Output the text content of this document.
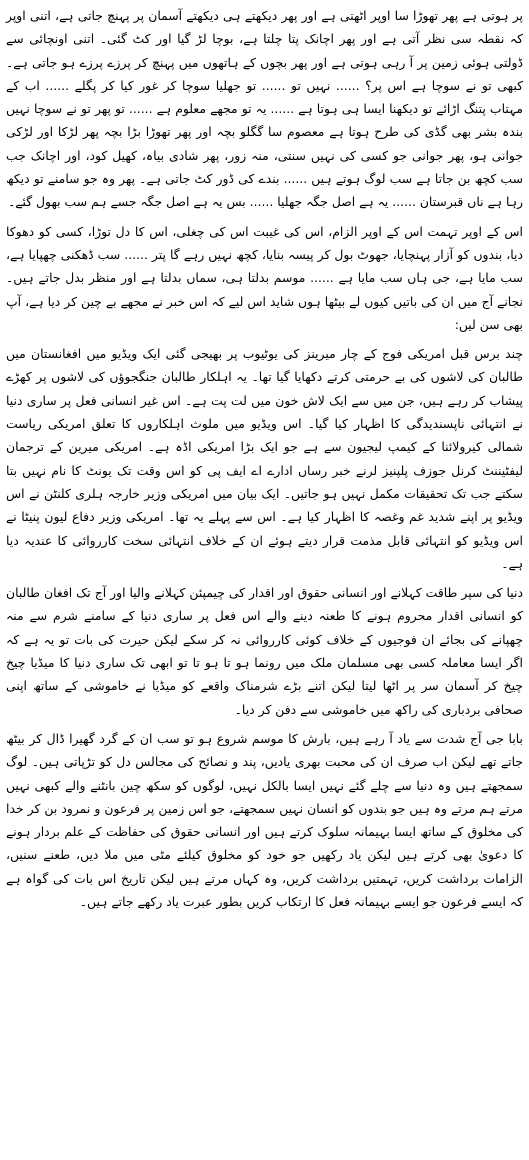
پر ہوتی ہے پھر تھوڑا سا اوپر اٹھتی ہے اور پھر دیکھتے ہی دیکھتے آسمان پر پہنچ جاتی ہے، اتنی اوپر کہ نقطہ سی نظر آتی ہے اور پھر اچانک پتا چلتا ہے، بوچا لڑ گیا اور کٹ گئی۔ اتنی اونچائی سے ڈولتی ہوئی زمین پر آ رہی ہوتی ہے اور پھر بچوں کے ہاتھوں میں پہنچ کر پرزے پرزے ہو جاتی ہے۔ کبھی تو نے سوچا ہے اس پر؟ ...... نہیں تو ...... تو جھلیا سوچا کر غور کیا کر پگلے ...... اب کے مہتاب پتنگ اڑائے تو دیکھنا ایسا ہی ہوتا ہے ...... یہ تو مجھے معلوم ہے ...... تو پھر تو نے سوچا نہیں بندہ بشر بھی گڈی کی طرح ہوتا ہے معصوم سا گگلو بچہ اور پھر تھوڑا بڑا بچہ پھر لڑکا اور لڑکی جوانی ہو، پھر جوانی جو کسی کی نہیں سنتی، منہ زور، پھر شادی بیاہ، کھیل کود، اور اچانک جب سب کچھ بن جاتا ہے سب لوگ ہوتے ہیں ...... بندے کی ڈور کٹ جاتی ہے۔ پھر وہ جو سامنے تو دیکھ رہا ہے ناں قبرستان ...... یہ ہے اصل جگہ جھلیا ...... بس یہ ہے اصل جگہ جسے ہم سب بھول گئے۔

اس کے اوپر تہمت اس کے اوپر الزام، اس کی غیبت اس کی چغلی، اس کا دل توڑا، کسی کو دھوکا دیا، بندوں کو آزار پہنچایا، جھوٹ بول کر پیسہ بنایا، کچھ نہیں رہے گا پتر ...... سب ڈھکنی چھپایا ہے، سب مایا ہے، جی ہاں سب مایا ہے ...... موسم بدلتا ہی، سماں بدلتا ہے اور منظر بدل جاتے ہیں۔ نجانے آج میں ان کی باتیں کیوں لے بیٹھا ہوں شاید اس لیے کہ اس خبر نے مجھے بے چین کر دیا ہے، آپ بھی سن لیں:

چند برس قبل امریکی فوج کے چار میرینز کی یوٹیوب پر بھیجی گئی ایک ویڈیو میں افغانستان میں طالبان کی لاشوں کی بے حرمتی کرتے دکھایا گیا تھا۔ یہ اہلکار طالبان جنگجوؤں کی لاشوں پر کھڑے پیشاب کر رہے ہیں، جن میں سے ایک لاش خون میں لت پت ہے۔ اس غیر انسانی فعل پر ساری دنیا نے انتہائی ناپسندیدگی کا اظہار کیا گیا۔ اس ویڈیو میں ملوث اہلکاروں کا تعلق امریکی ریاست شمالی کیرولائنا کے کیمپ لیجیون سے ہے جو ایک بڑا امریکی اڈہ ہے۔ امریکی میرین کے ترجمان لیفٹیننٹ کرنل جوزف پلپنیز لرنے خبر رساں ادارے اے ایف پی کو اس وقت تک یونٹ کا نام نہیں بتا سکتے جب تک تحقیقات مکمل نہیں ہو جاتیں۔ ایک بیان میں امریکی وزیر خارجہ ہلری کلنٹن نے اس ویڈیو پر اپنے شدید غم وغصہ کا اظہار کیا ہے۔ اس سے پہلے یہ تھا۔ امریکی وزیر دفاع لیون پنیٹا نے اس ویڈیو کو انتہائی قابل مذمت قرار دیتے ہوئے ان کے خلاف انتہائی سخت کارروائی کا عندیہ دیا ہے۔

دنیا کی سپر طاقت کہلانے اور انسانی حقوق اور اقدار کی چیمپئن کہلانے والیا اور آج تک افغان طالبان کو انسانی اقدار محروم ہونے کا طعنہ دینے والے اس فعل پر ساری دنیا کے سامنے شرم سے منہ چھپانے کی بجائے ان فوجیوں کے خلاف کوئی کارروائی نہ کر سکے لیکن حیرت کی بات تو یہ ہے کہ اگر ایسا معاملہ کسی بھی مسلمان ملک میں رونما ہو تا ہو تا تو ابھی تک ساری دنیا کا میڈیا چیخ چیخ کر آسمان سر پر اٹھا لیتا لیکن اتنے بڑے شرمناک واقعے کو میڈیا نے خاموشی کے ساتھ اپنی صحافی بردباری کی راکھ میں خاموشی سے دفن کر دیا۔

بابا جی آج شدت سے یاد آ رہے ہیں، بارش کا موسم شروع ہو تو سب ان کے گرد گھیرا ڈال کر بیٹھ جاتے تھے لیکن اب صرف ان کی محبت بھری یادیں، پند و نصائح کی مجالس دل کو تڑپاتی ہیں۔ لوگ سمجھتے ہیں وہ دنیا سے چلے گئے نہیں ایسا بالکل نہیں، لوگوں کو سکھ چین بانٹنے والے کبھی نہیں مرتے ہم مرتے وہ ہیں جو بندوں کو انسان نہیں سمجھتے، جو اس زمین پر فرعون و نمرود بن کر خدا کی مخلوق کے ساتھ ایسا بہیمانہ سلوک کرتے ہیں اور انسانی حقوق کی حفاظت کے علم بردار ہونے کا دعویٰ بھی کرتے ہیں لیکن یاد رکھیں جو خود کو مخلوق کیلئے مٹی میں ملا دیں، طعنے سنیں، الزامات برداشت کریں، تہمتیں برداشت کریں، وہ کہاں مرتے ہیں لیکن تاریخ اس بات کی گواہ ہے کہ ایسے فرعون جو ایسے بہیمانہ فعل کا ارتکاب کریں بطور عبرت یاد رکھے جاتے ہیں۔
